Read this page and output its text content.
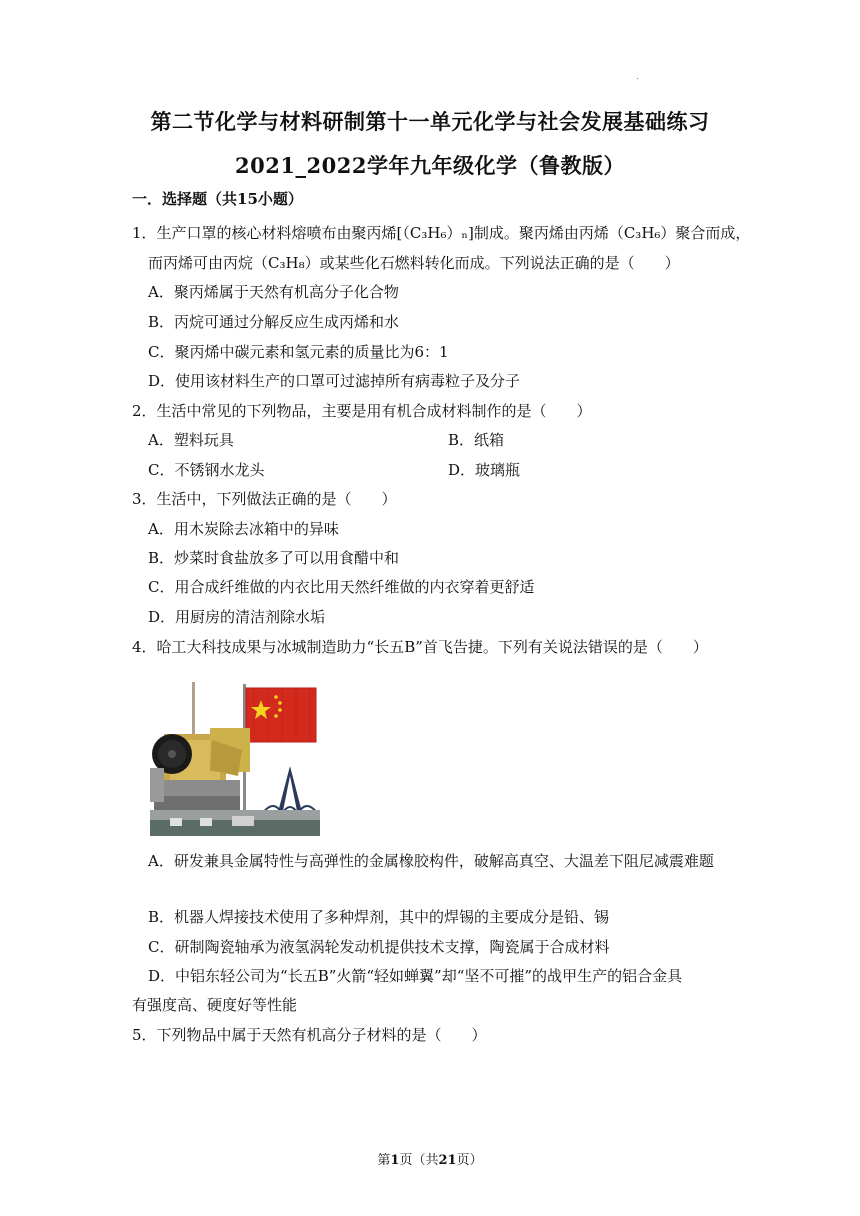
.
第二节化学与材料研制第十一单元化学与社会发展基础练习
2021_2022学年九年级化学（鲁教版）
一．选择题（共15小题）
1．生产口罩的核心材料熔喷布由聚丙烯[（C₃H₆）ₙ]制成。聚丙烯由丙烯（C₃H₆）聚合而成，
而丙烯可由丙烷（C₃H₈）或某些化石燃料转化而成。下列说法正确的是（　　）
A．聚丙烯属于天然有机高分子化合物
B．丙烷可通过分解反应生成丙烯和水
C．聚丙烯中碳元素和氢元素的质量比为6：1
D．使用该材料生产的口罩可过滤掉所有病毒粒子及分子
2．生活中常见的下列物品，主要是用有机合成材料制作的是（　　）
A．塑料玩具	B．纸箱
C．不锈钢水龙头	D．玻璃瓶
3．生活中，下列做法正确的是（　　）
A．用木炭除去冰箱中的异味
B．炒菜时食盐放多了可以用食醋中和
C．用合成纤维做的内衣比用天然纤维做的内衣穿着更舒适
D．用厨房的清洁剂除水垢
4．哈工大科技成果与冰城制造助力“长五B”首飞告捷。下列有关说法错误的是（　　）
A．研发兼具金属特性与高弹性的金属橡胶构件，破解高真空、大温差下阻尼减震难题
B．机器人焊接技术使用了多种焊剂，其中的焊锡的主要成分是铅、锡
C．研制陶瓷轴承为液氢涡轮发动机提供技术支撑，陶瓷属于合成材料
D．中铝东轻公司为“长五B”火箭“轻如蝉翼”却“坚不可摧”的战甲生产的铝合金具
有强度高、硬度好等性能
5．下列物品中属于天然有机高分子材料的是（　　）
第1页（共21页）
